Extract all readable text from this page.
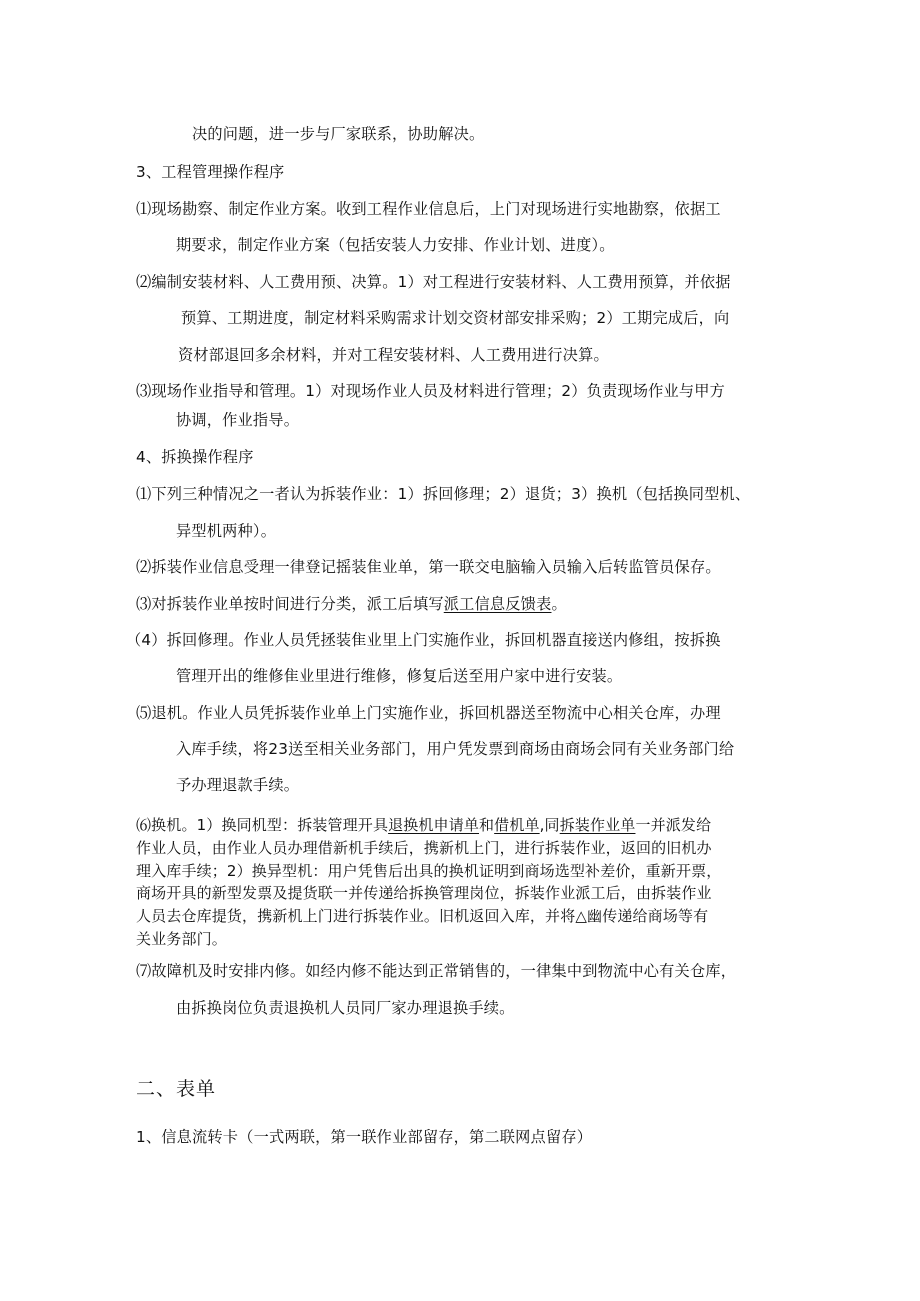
决的问题，进一步与厂家联系，协助解决。
3、工程管理操作程序
⑴现场勘察、制定作业方案。收到工程作业信息后，上门对现场进行实地勘察，依据工
期要求，制定作业方案（包括安装人力安排、作业计划、进度）。
⑵编制安装材料、人工费用预、决算。1）对工程进行安装材料、人工费用预算，并依据
预算、工期进度，制定材料采购需求计划交资材部安排采购；2）工期完成后，向
资材部退回多余材料，并对工程安装材料、人工费用进行决算。
⑶现场作业指导和管理。1）对现场作业人员及材料进行管理；2）负责现场作业与甲方
协调，作业指导。
4、拆换操作程序
⑴下列三种情况之一者认为拆装作业：1）拆回修理；2）退货；3）换机（包括换同型机、
异型机两种）。
⑵拆装作业信息受理一律登记摇装隹业单，第一联交电脑输入员输入后转监管员保存。
⑶对拆装作业单按时间进行分类，派工后填写派工信息反馈表。
（4）拆回修理。作业人员凭拯装隹业里上门实施作业，拆回机器直接送内修组，按拆换
管理开出的维修隹业里进行维修，修复后送至用户家中进行安装。
⑸退机。作业人员凭拆装作业单上门实施作业，拆回机器送至物流中心相关仓库，办理
入库手续，将23送至相关业务部门，用户凭发票到商场由商场会同有关业务部门给
予办理退款手续。
⑹换机。1）换同机型：拆装管理开具退换机申请单和借机单,同拆装作业单一并派发给
作业人员，由作业人员办理借新机手续后，携新机上门，进行拆装作业，返回的旧机办
理入库手续；2）换异型机：用户凭售后出具的换机证明到商场选型补差价，重新开票，
商场开具的新型发票及提货联一并传递给拆换管理岗位，拆装作业派工后，由拆装作业
人员去仓库提货，携新机上门进行拆装作业。旧机返回入库，并将△幽传递给商场等有
关业务部门。
⑺故障机及时安排内修。如经内修不能达到正常销售的，一律集中到物流中心有关仓库，
由拆换岗位负责退换机人员同厂家办理退换手续。
二、表单
1、信息流转卡（一式两联，第一联作业部留存，第二联网点留存）
